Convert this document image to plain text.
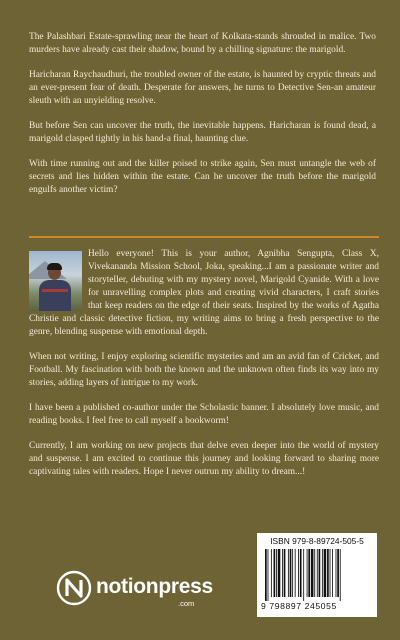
The Palashbari Estate-sprawling near the heart of Kolkata-stands shrouded in malice. Two murders have already cast their shadow, bound by a chilling signature: the marigold.

Haricharan Raychaudhuri, the troubled owner of the estate, is haunted by cryptic threats and an ever-present fear of death. Desperate for answers, he turns to Detective Sen-an amateur sleuth with an unyielding resolve.

But before Sen can uncover the truth, the inevitable happens. Haricharan is found dead, a marigold clasped tightly in his hand-a final, haunting clue.

With time running out and the killer poised to strike again, Sen must untangle the web of secrets and lies hidden within the estate. Can he uncover the truth before the marigold engulfs another victim?

Hello everyone! This is your author, Agnibha Sengupta, Class X, Vivekananda Mission School, Joka, speaking...I am a passionate writer and storyteller, debuting with my mystery novel, Marigold Cyanide. With a love for unravelling complex plots and creating vivid characters, I craft stories that keep readers on the edge of their seats. Inspired by the works of Agatha Christie and classic detective fiction, my writing aims to bring a fresh perspective to the genre, blending suspense with emotional depth.

When not writing, I enjoy exploring scientific mysteries and am an avid fan of Cricket, and Football. My fascination with both the known and the unknown often finds its way into my stories, adding layers of intrigue to my work.

I have been a published co-author under the Scholastic banner. I absolutely love music, and reading books. I feel free to call myself a bookworm!

Currently, I am working on new projects that delve even deeper into the world of mystery and suspense. I am excited to continue this journey and looking forward to sharing more captivating tales with readers. Hope I never outrun my ability to dream...!

notionpress
.com
ISBN 979-8-89724-505-5
9 798897 245055
